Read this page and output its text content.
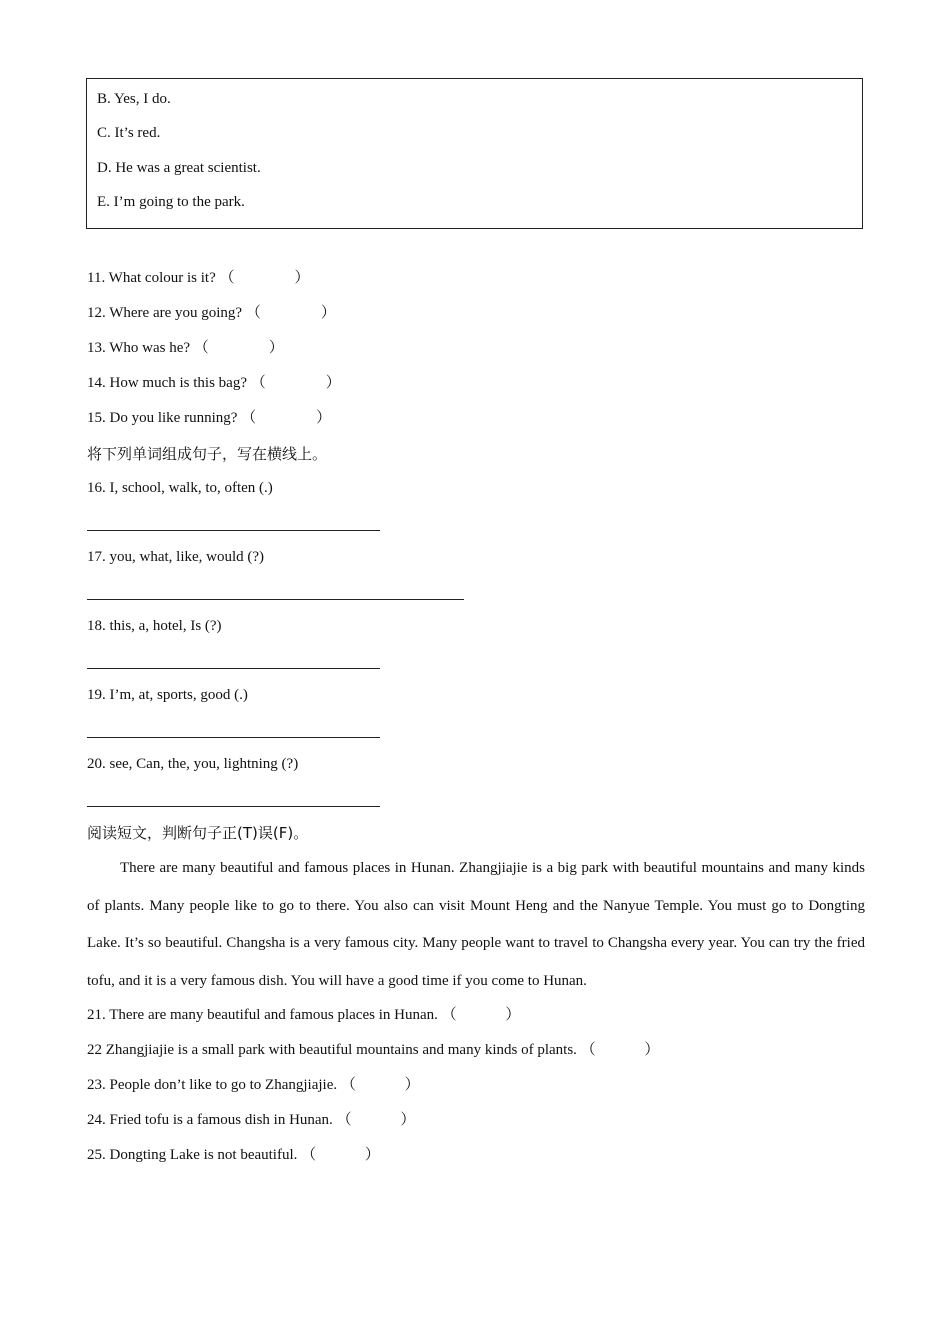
B. Yes, I do.
C. It’s red.
D. He was a great scientist.
E. I’m going to the park.
11. What colour is it? （                ）
12. Where are you going? （                ）
13. Who was he? （                ）
14. How much is this bag? （                ）
15. Do you like running? （                ）
将下列单词组成句子，写在横线上。
16. I, school, walk, to, often (.)
17. you, what, like, would (?)
18. this, a, hotel, Is (?)
19. I’m, at, sports, good (.)
20. see, Can, the, you, lightning (?)
阅读短文，判断句子正(T)误(F)。
There are many beautiful and famous places in Hunan. Zhangjiajie is a big park with beautiful mountains and many kinds of plants. Many people like to go to there. You also can visit Mount Heng and the Nanyue Temple. You must go to Dongting Lake. It’s so beautiful. Changsha is a very famous city. Many people want to travel to Changsha every year. You can try the fried tofu, and it is a very famous dish. You will have a good time if you come to Hunan.
21. There are many beautiful and famous places in Hunan. （             ）
22 Zhangjiajie is a small park with beautiful mountains and many kinds of plants. （             ）
23. People don’t like to go to Zhangjiajie. （             ）
24. Fried tofu is a famous dish in Hunan. （             ）
25. Dongting Lake is not beautiful. （             ）
